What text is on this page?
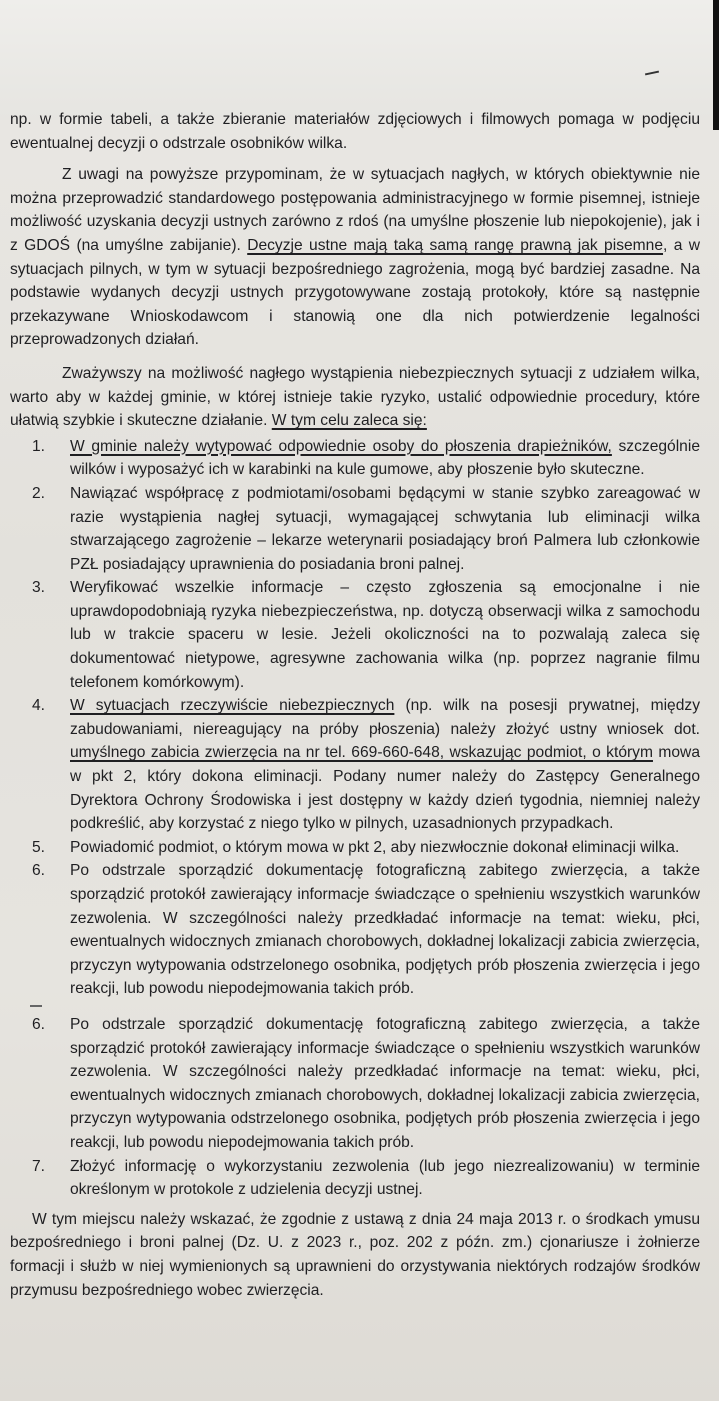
np. w formie tabeli, a także zbieranie materiałów zdjęciowych i filmowych pomaga w podjęciu ewentualnej decyzji o odstrzale osobników wilka.

Z uwagi na powyższe przypominam, że w sytuacjach nagłych, w których obiektywnie nie można przeprowadzić standardowego postępowania administracyjnego w formie pisemnej, istnieje możliwość uzyskania decyzji ustnych zarówno z rdoś (na umyślne płoszenie lub niepokojenie), jak i z GDOŚ (na umyślne zabijanie). Decyzje ustne mają taką samą rangę prawną jak pisemne, a w sytuacjach pilnych, w tym w sytuacji bezpośredniego zagrożenia, mogą być bardziej zasadne. Na podstawie wydanych decyzji ustnych przygotowywane zostają protokoły, które są następnie przekazywane Wnioskodawcom i stanowią one dla nich potwierdzenie legalności przeprowadzonych działań.

Zważywszy na możliwość nagłego wystąpienia niebezpiecznych sytuacji z udziałem wilka, warto aby w każdej gminie, w której istnieje takie ryzyko, ustalić odpowiednie procedury, które ułatwią szybkie i skuteczne działanie. W tym celu zaleca się:

1. W gminie należy wytypować odpowiednie osoby do płoszenia drapieżników, szczególnie wilków i wyposażyć ich w karabinki na kule gumowe, aby płoszenie było skuteczne.
2. Nawiązać współpracę z podmiotami/osobami będącymi w stanie szybko zareagować w razie wystąpienia nagłej sytuacji, wymagającej schwytania lub eliminacji wilka stwarzającego zagrożenie – lekarze weterynarii posiadający broń Palmera lub członkowie PZŁ posiadający uprawnienia do posiadania broni palnej.
3. Weryfikować wszelkie informacje – często zgłoszenia są emocjonalne i nie uprawdopodobniają ryzyka niebezpieczeństwa, np. dotyczą obserwacji wilka z samochodu lub w trakcie spaceru w lesie. Jeżeli okoliczności na to pozwalają zaleca się dokumentować nietypowe, agresywne zachowania wilka (np. poprzez nagranie filmu telefonem komórkowym).
4. W sytuacjach rzeczywiście niebezpiecznych (np. wilk na posesji prywatnej, między zabudowaniami, niereagujący na próby płoszenia) należy złożyć ustny wniosek dot. umyślnego zabicia zwierzęcia na nr tel. 669-660-648, wskazując podmiot, o którym mowa w pkt 2, który dokona eliminacji. Podany numer należy do Zastępcy Generalnego Dyrektora Ochrony Środowiska i jest dostępny w każdy dzień tygodnia, niemniej należy podkreślić, aby korzystać z niego tylko w pilnych, uzasadnionych przypadkach.
5. Powiadomić podmiot, o którym mowa w pkt 2, aby niezwłocznie dokonał eliminacji wilka.
6. Po odstrzale sporządzić dokumentację fotograficzną zabitego zwierzęcia, a także sporządzić protokół zawierający informacje świadczące o spełnieniu wszystkich warunków zezwolenia. W szczególności należy przedkładać informacje na temat: wieku, płci, ewentualnych widocznych zmianach chorobowych, dokładnej lokalizacji zabicia zwierzęcia, przyczyn wytypowania odstrzelonego osobnika, podjętych prób płoszenia zwierzęcia i jego reakcji, lub powodu niepodejmowania takich prób.
6. Po odstrzale sporządzić dokumentację fotograficzną zabitego zwierzęcia, a także sporządzić protokół zawierający informacje świadczące o spełnieniu wszystkich warunków zezwolenia. W szczególności należy przedkładać informacje na temat: wieku, płci, ewentualnych widocznych zmianach chorobowych, dokładnej lokalizacji zabicia zwierzęcia, przyczyn wytypowania odstrzelonego osobnika, podjętych prób płoszenia zwierzęcia i jego reakcji, lub powodu niepodejmowania takich prób.
7. Złożyć informację o wykorzystaniu zezwolenia (lub jego niezrealizowaniu) w terminie określonym w protokole z udzielenia decyzji ustnej.

W tym miejscu należy wskazać, że zgodnie z ustawą z dnia 24 maja 2013 r. o środkach ymusu bezpośredniego i broni palnej (Dz. U. z 2023 r., poz. 202 z późn. zm.) cjonariusze i żołnierze formacji i służb w niej wymienionych są uprawnieni do orzystywania niektórych rodzajów środków przymusu bezpośredniego wobec zwierzęcia.
